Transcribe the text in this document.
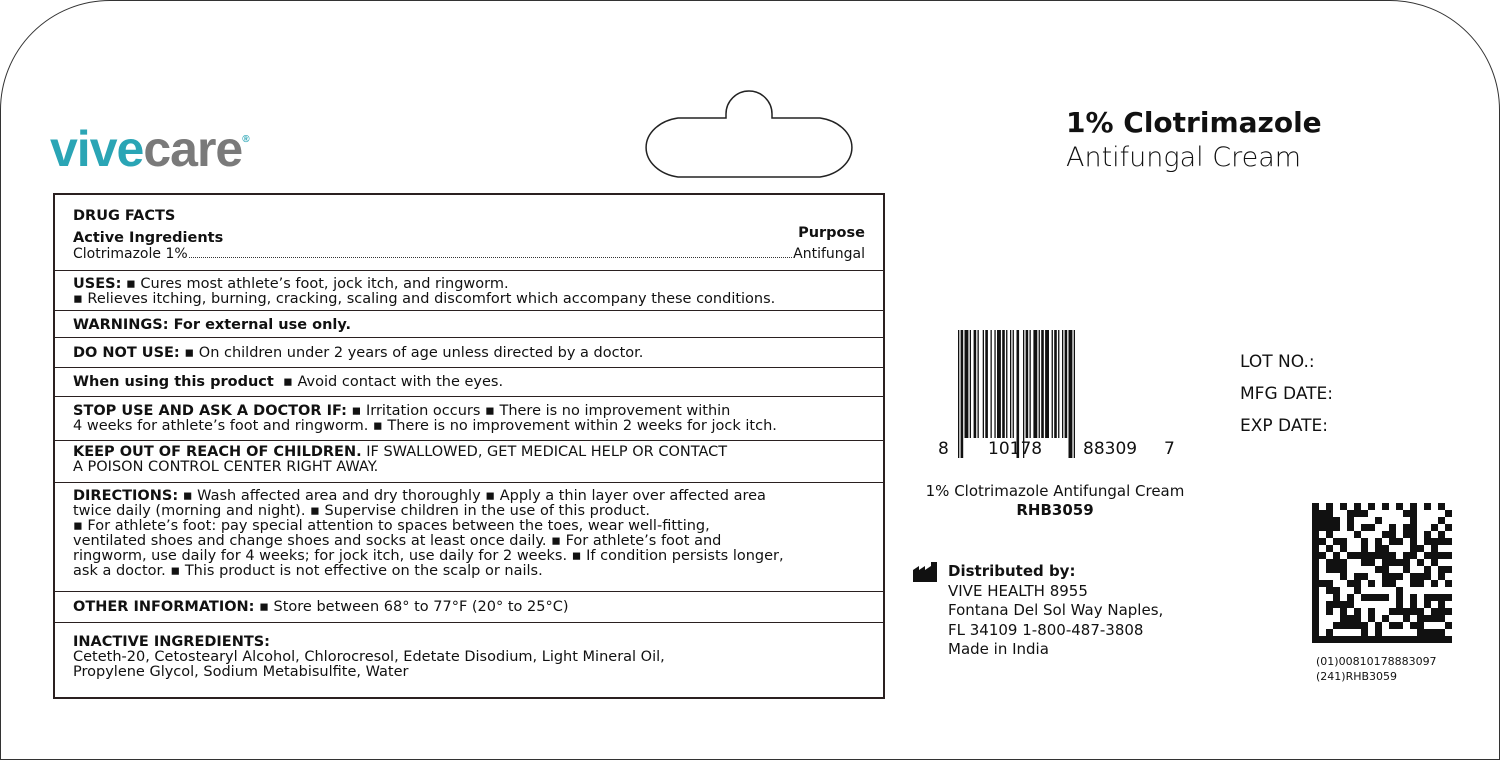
vivecare®
1% Clotrimazole
Antifungal Cream
DRUG FACTS
Active Ingredients	Purpose
Clotrimazole 1%	Antifungal
USES: ▪ Cures most athlete’s foot, jock itch, and ringworm.
▪ Relieves itching, burning, cracking, scaling and discomfort which accompany these conditions.
WARNINGS: For external use only.
DO NOT USE: ▪ On children under 2 years of age unless directed by a doctor.
When using this product ▪ Avoid contact with the eyes.
STOP USE AND ASK A DOCTOR IF: ▪ Irritation occurs ▪ There is no improvement within
4 weeks for athlete’s foot and ringworm. ▪ There is no improvement within 2 weeks for jock itch.
KEEP OUT OF REACH OF CHILDREN. IF SWALLOWED, GET MEDICAL HELP OR CONTACT
A POISON CONTROL CENTER RIGHT AWAY.
DIRECTIONS: ▪ Wash affected area and dry thoroughly ▪ Apply a thin layer over affected area
twice daily (morning and night). ▪ Supervise children in the use of this product.
▪ For athlete’s foot: pay special attention to spaces between the toes, wear well-fitting,
ventilated shoes and change shoes and socks at least once daily. ▪ For athlete’s foot and
ringworm, use daily for 4 weeks; for jock itch, use daily for 2 weeks. ▪ If condition persists longer,
ask a doctor. ▪ This product is not effective on the scalp or nails.
OTHER INFORMATION: ▪ Store between 68° to 77°F (20° to 25°C)
INACTIVE INGREDIENTS:
Ceteth-20, Cetostearyl Alcohol, Chlorocresol, Edetate Disodium, Light Mineral Oil,
Propylene Glycol, Sodium Metabisulfite, Water
8 10178 88309 7
LOT NO.:
MFG DATE:
EXP DATE:
1% Clotrimazole Antifungal Cream
RHB3059
Distributed by:
VIVE HEALTH 8955
Fontana Del Sol Way Naples,
FL 34109 1-800-487-3808
Made in India
(01)00810178883097
(241)RHB3059
